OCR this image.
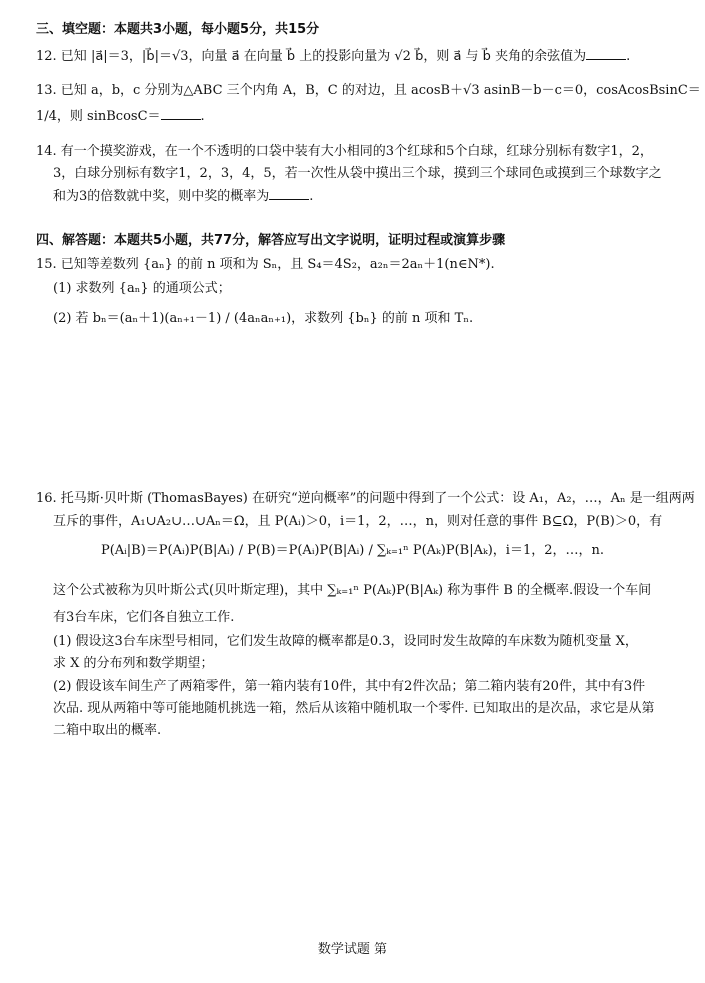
三、填空题：本题共3小题，每小题5分，共15分
12. 已知 |a⃗|＝3，|b⃗|＝√3，向量 a⃗ 在向量 b⃗ 上的投影向量为 √2 b⃗，则 a⃗ 与 b⃗ 夹角的余弦值为	.
13. 已知 a，b，c 分别为△ABC 三个内角 A，B，C 的对边，且 acosB＋√3 asinB－b－c＝0，cosAcosBsinC＝
1/4，则 sinBcosC＝	.
14. 有一个摸奖游戏，在一个不透明的口袋中装有大小相同的3个红球和5个白球，红球分别标有数字1，2，
3，白球分别标有数字1，2，3，4，5，若一次性从袋中摸出三个球，摸到三个球同色或摸到三个球数字之
和为3的倍数就中奖，则中奖的概率为	.
四、解答题：本题共5小题，共77分，解答应写出文字说明，证明过程或演算步骤
15. 已知等差数列 {aₙ} 的前 n 项和为 Sₙ，且 S₄＝4S₂，a₂ₙ＝2aₙ＋1(n∈N*).
(1) 求数列 {aₙ} 的通项公式；
(2) 若 bₙ＝(aₙ＋1)(aₙ₊₁－1) / (4aₙaₙ₊₁)，求数列 {bₙ} 的前 n 项和 Tₙ.
16. 托马斯·贝叶斯 (ThomasBayes) 在研究“逆向概率”的问题中得到了一个公式：设 A₁，A₂，…，Aₙ 是一组两两
互斥的事件，A₁∪A₂∪…∪Aₙ＝Ω，且 P(Aᵢ)＞0，i＝1，2，…，n，则对任意的事件 B⊆Ω，P(B)＞0，有
P(Aᵢ|B)＝P(Aᵢ)P(B|Aᵢ) / P(B)＝P(Aᵢ)P(B|Aᵢ) / ∑ₖ₌₁ⁿ P(Aₖ)P(B|Aₖ)，i＝1，2，…，n.
这个公式被称为贝叶斯公式(贝叶斯定理)，其中 ∑ₖ₌₁ⁿ P(Aₖ)P(B|Aₖ) 称为事件 B 的全概率.假设一个车间
有3台车床，它们各自独立工作.
(1) 假设这3台车床型号相同，它们发生故障的概率都是0.3，设同时发生故障的车床数为随机变量 X，
求 X 的分布列和数学期望；
(2) 假设该车间生产了两箱零件，第一箱内装有10件，其中有2件次品；第二箱内装有20件，其中有3件
次品. 现从两箱中等可能地随机挑选一箱，然后从该箱中随机取一个零件. 已知取出的是次品，求它是从第
二箱中取出的概率.
数学试题 第
